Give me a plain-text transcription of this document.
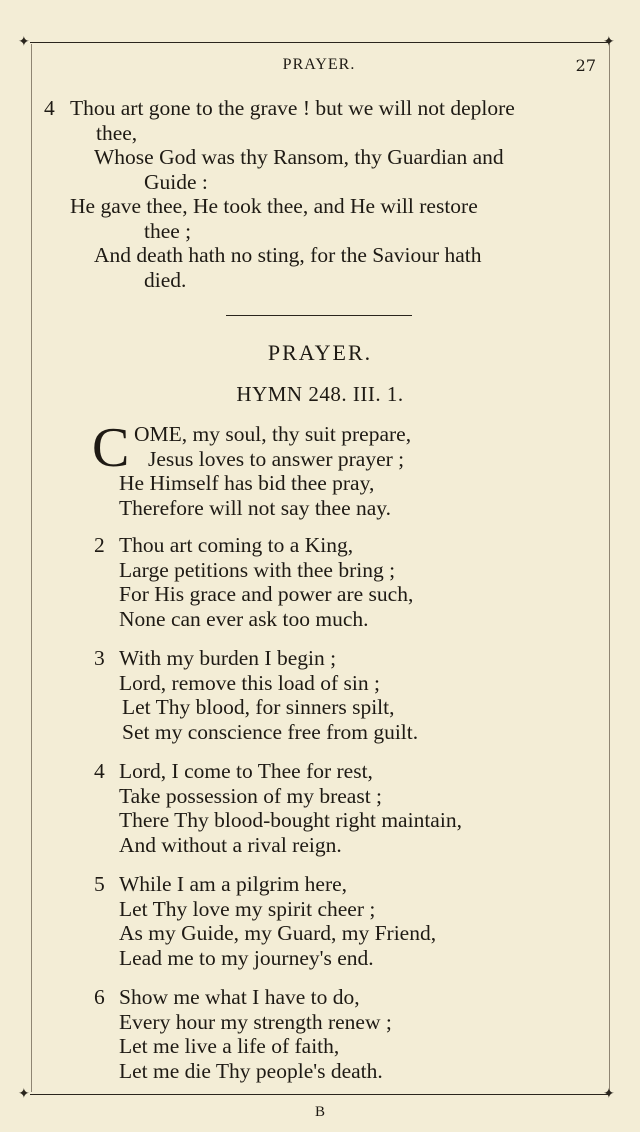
✦	✦
✦	✦
PRAYER.	27
4 Thou art gone to the grave ! but we will not deplore
thee,
Whose God was thy Ransom, thy Guardian and
Guide :
He gave thee, He took thee, and He will restore
thee ;
And death hath no sting, for the Saviour hath
died.
PRAYER.
HYMN 248. III. 1.
C OME, my soul, thy suit prepare,
Jesus loves to answer prayer ;
He Himself has bid thee pray,
Therefore will not say thee nay.
2 Thou art coming to a King,
Large petitions with thee bring ;
For His grace and power are such,
None can ever ask too much.
3 With my burden I begin ;
Lord, remove this load of sin ;
Let Thy blood, for sinners spilt,
Set my conscience free from guilt.
4 Lord, I come to Thee for rest,
Take possession of my breast ;
There Thy blood-bought right maintain,
And without a rival reign.
5 While I am a pilgrim here,
Let Thy love my spirit cheer ;
As my Guide, my Guard, my Friend,
Lead me to my journey's end.
6 Show me what I have to do,
Every hour my strength renew ;
Let me live a life of faith,
Let me die Thy people's death.
B
